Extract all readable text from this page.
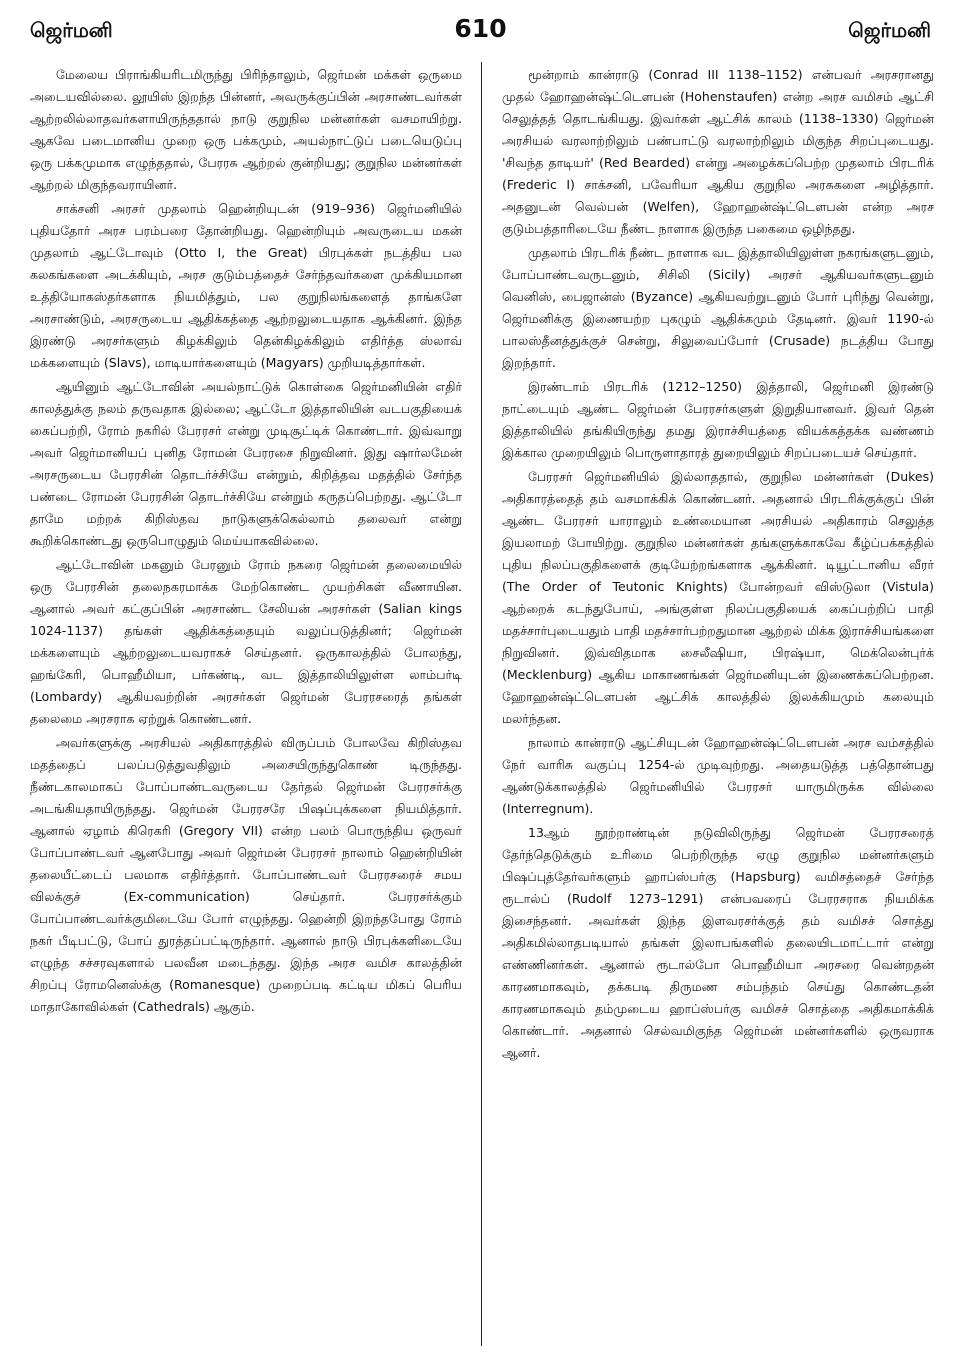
ஜெர்மனி	610	ஜெர்மனி

மேலைய பிராங்கியரிடமிருந்து பிரிந்தாலும், ஜெர்மன் மக்கள் ஒருமை அடையவில்லை. லூயிஸ் இறந்த பின்னர், அவருக்குப்பின் அரசாண்டவர்கள் ஆற்றலில்லாதவர்களாயிருந்ததால் நாடு குறுநில மன்னர்கள் வசமாயிற்று. ஆகவே படைமானிய முறை ஒரு பக்கமும், அயல்நாட்டுப் படையெடுப்பு ஒரு பக்கமுமாக எழுந்ததால், பேரரசு ஆற்றல் குன்றியது; குறுநில மன்னர்கள் ஆற்றல் மிகுந்தவராயினர்.

சாக்சனி அரசர் முதலாம் ஹென்றியுடன் (919–936) ஜெர்மனியில் புதியதோர் அரச பரம்பரை தோன்றியது. ஹென்றியும் அவருடைய மகன் முதலாம் ஆட்டோவும் (Otto I, the Great) பிரபுக்கள் நடத்திய பல கலகங்களை அடக்கியும், அரச குடும்பத்தைச் சேர்ந்தவர்களை முக்கியமான உத்தியோகஸ்தர்களாக நியமித்தும், பல குறுநிலங்களைத் தாங்களே அரசாண்டும், அரசருடைய ஆதிக்கத்தை ஆற்றலுடையதாக ஆக்கினர். இந்த இரண்டு அரசர்களும் கிழக்கிலும் தென்கிழக்கிலும் எதிர்த்த ஸ்லாவ் மக்களையும் (Slavs), மாடியார்களையும் (Magyars) முறியடித்தார்கள்.

ஆயினும் ஆட்டோவின் அயல்நாட்டுக் கொள்கை ஜெர்மனியின் எதிர் காலத்துக்கு நலம் தருவதாக இல்லை; ஆட்டோ இத்தாலியின் வடபகுதியைக் கைப்பற்றி, ரோம் நகரில் பேரரசர் என்று முடிசூட்டிக் கொண்டார். இவ்வாறு அவர் ஜெர்மானியப் புனித ரோமன் பேரரசை நிறுவினர். இது ஷார்லமேன் அரசருடைய பேரரசின் தொடர்ச்சியே என்றும், கிறித்தவ மதத்தில் சேர்ந்த பண்டை ரோமன் பேரரசின் தொடர்ச்சியே என்றும் கருதப்பெற்றது. ஆட்டோ தாமே மற்றக் கிறிஸ்தவ நாடுகளுக்கெல்லாம் தலைவர் என்று கூறிக்கொண்டது ஒருபொழுதும் மெய்யாகவில்லை.

ஆட்டோவின் மகனும் பேரனும் ரோம் நகரை ஜெர்மன் தலைமையில் ஒரு பேரரசின் தலைநகரமாக்க மேற்கொண்ட முயற்சிகள் வீணாயின. ஆனால் அவர் கட்குப்பின் அரசாண்ட சேலியன் அரசர்கள் (Salian kings 1024-1137) தங்கள் ஆதிக்கத்தையும் வலுப்படுத்தினர்; ஜெர்மன் மக்களையும் ஆற்றலுடையவராகச் செய்தனர். ஒருகாலத்தில் போலந்து, ஹங்கேரி, பொஹீமியா, பர்கண்டி, வட இத்தாலியிலுள்ள லாம்பர்டி (Lombardy) ஆகியவற்றின் அரசர்கள் ஜெர்மன் பேரரசரைத் தங்கள் தலைமை அரசராக ஏற்றுக் கொண்டனர்.

அவர்களுக்கு அரசியல் அதிகாரத்தில் விருப்பம் போலவே கிறிஸ்தவ மதத்தைப் பலப்படுத்துவதிலும் அசையிருந்துகொண் டிருந்தது. நீண்டகாலமாகப் போப்பாண்டவருடைய தேர்தல் ஜெர்மன் பேரரசர்க்கு அடங்கியதாயிருந்தது. ஜெர்மன் பேரரசரே பிஷப்புக்களை நியமித்தார். ஆனால் ஏழாம் கிரெகரி (Gregory VII) என்ற பலம் பொருந்திய ஒருவர் போப்பாண்டவர் ஆனபோது அவர் ஜெர்மன் பேரரசர் நாலாம் ஹென்றியின் தலையீட்டைப் பலமாக எதிர்த்தார். போப்பாண்டவர் பேரரசரைச் சமய விலக்குச் (Ex-communication) செய்தார். பேரரசர்க்கும் போப்பாண்டவர்க்குமிடையே போர் எழுந்தது. ஹென்றி இறந்தபோது ரோம் நகர் பீடிபட்டு, போப் துரத்தப்பட்டிருந்தார். ஆனால் நாடு பிரபுக்களிடையே எழுந்த சச்சரவுகளால் பலவீன மடைந்தது. இந்த அரச வமிச காலத்தின் சிறப்பு ரோமனெஸ்க்கு (Romanesque) முறைப்படி கட்டிய மிகப் பெரிய மாதாகோவில்கள் (Cathedrals) ஆகும்.

மூன்றாம் கான்ராடு (Conrad III 1138–1152) என்பவர் அரசரானது முதல் ஹோஹன்ஷ்ட்டௌபன் (Hohenstaufen) என்ற அரச வமிசம் ஆட்சி செலுத்தத் தொடங்கியது. இவர்கள் ஆட்சிக் காலம் (1138–1330) ஜெர்மன் அரசியல் வரலாற்றிலும் பண்பாட்டு வரலாற்றிலும் மிகுந்த சிறப்புடையது. 'சிவந்த தாடியர்' (Red Bearded) என்று அழைக்கப்பெற்ற முதலாம் பிரடரிக் (Frederic I) சாக்சனி, பவேரியா ஆகிய குறுநில அரசுகளை அழித்தார். அதனுடன் வெல்பன் (Welfen), ஹோஹன்ஷ்ட்டௌபன் என்ற அரச குடும்பத்தாரிடையே நீண்ட நாளாக இருந்த பகைமை ஒழிந்தது.

முதலாம் பிரடரிக் நீண்ட நாளாக வட இத்தாலியிலுள்ள நகரங்களுடனும், போப்பாண்டவருடனும், சிசிலி (Sicily) அரசர் ஆகியவர்களுடனும் வெனிஸ், பைஜான்ஸ் (Byzance) ஆகியவற்றுடனும் போர் புரிந்து வென்று, ஜெர்மனிக்கு இணையற்ற புகழும் ஆதிக்கமும் தேடினர். இவர் 1190-ல் பாலஸ்தீனத்துக்குச் சென்று, சிலுவைப்போர் (Crusade) நடத்திய போது இறந்தார்.

இரண்டாம் பிரடரிக் (1212–1250) இத்தாலி, ஜெர்மனி இரண்டு நாட்டையும் ஆண்ட ஜெர்மன் பேரரசர்களுள் இறுதியானவர். இவர் தென் இத்தாலியில் தங்கியிருந்து தமது இராச்சியத்தை வியக்கத்தக்க வண்ணம் இக்கால முறையிலும் பொருளாதாரத் துறையிலும் சிறப்படையச் செய்தார்.

பேரரசர் ஜெர்மனியில் இல்லாததால், குறுநில மன்னர்கள் (Dukes) அதிகாரத்தைத் தம் வசமாக்கிக் கொண்டனர். அதனால் பிரடரிக்குக்குப் பின் ஆண்ட பேரரசர் யாராலும் உண்மையான அரசியல் அதிகாரம் செலுத்த இயலாமற் போயிற்று. குறுநில மன்னர்கள் தங்களுக்காகவே கீழ்ப்பக்கத்தில் புதிய நிலப்பகுதிகளைக் குடியேற்றங்களாக ஆக்கினர். டியூட்டானிய வீரர் (The Order of Teutonic Knights) போன்றவர் விஸ்டுலா (Vistula) ஆற்றைக் கடந்துபோய், அங்குள்ள நிலப்பகுதியைக் கைப்பற்றிப் பாதி மதச்சார்புடையதும் பாதி மதச்சார்பற்றதுமான ஆற்றல் மிக்க இராச்சியங்களை நிறுவினர். இவ்விதமாக சைலீஷியா, பிரஷ்யா, மெக்லென்புர்க் (Mecklenburg) ஆகிய மாகாணங்கள் ஜெர்மனியுடன் இணைக்கப்பெற்றன. ஹோஹன்ஷ்ட்டௌபன் ஆட்சிக் காலத்தில் இலக்கியமும் கலையும் மலர்ந்தன.

நாலாம் கான்ராடு ஆட்சியுடன் ஹோஹன்ஷ்ட்டௌபன் அரச வம்சத்தில் நேர் வாரிசு வகுப்பு 1254-ல் முடிவுற்றது. அதையடுத்த பத்தொன்பது ஆண்டுக்காலத்தில் ஜெர்மனியில் பேரரசர் யாருமிருக்க வில்லை (Interregnum).

13ஆம் நூற்றாண்டின் நடுவிலிருந்து ஜெர்மன் பேரரசரைத் தேர்ந்தெடுக்கும் உரிமை பெற்றிருந்த ஏழு குறுநில மன்னர்களும் பிஷப்புத்தேர்வர்களும் ஹாப்ஸ்பர்கு (Hapsburg) வமிசத்தைச் சேர்ந்த ரூடால்ப் (Rudolf 1273–1291) என்பவரைப் பேரரசராக நியமிக்க இசைந்தனர். அவர்கள் இந்த இளவரசர்க்குத் தம் வமிசச் சொத்து அதிகமில்லாதபடியால் தங்கள் இலாபங்களில் தலையிடமாட்டார் என்று எண்ணினர்கள். ஆனால் ரூடால்போ பொஹீமியா அரசரை வென்றதன் காரணமாகவும், தக்கபடி திருமண சம்பந்தம் செய்து கொண்டதன் காரணமாகவும் தம்முடைய ஹாப்ஸ்பர்கு வமிசச் சொத்தை அதிகமாக்கிக் கொண்டார். அதனால் செல்வமிகுந்த ஜெர்மன் மன்னர்களில் ஒருவராக ஆனர்.
